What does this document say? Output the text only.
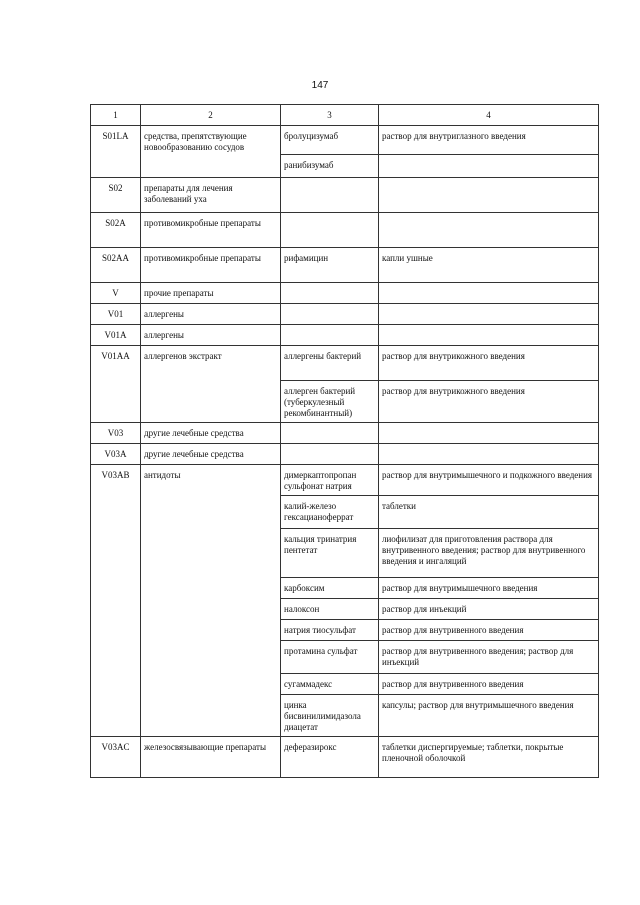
147
1	2	3	4
S01LA	средства, препятствующие новообразованию сосудов	бролуцизумаб	раствор для внутриглазного введения
		ранибизумаб	
S02	препараты для лечения заболеваний уха		
S02A	противомикробные препараты		
S02AA	противомикробные препараты	рифамицин	капли ушные
V	прочие препараты		
V01	аллергены		
V01A	аллергены		
V01AA	аллергенов экстракт	аллергены бактерий	раствор для внутрикожного введения
		аллерген бактерий (туберкулезный рекомбинантный)	раствор для внутрикожного введения
V03	другие лечебные средства		
V03A	другие лечебные средства		
V03AB	антидоты	димеркаптопропан сульфонат натрия	раствор для внутримышечного и подкожного введения
		калий-железо гексацианоферрат	таблетки
		кальция тринатрия пентетат	лиофилизат для приготовления раствора для внутривенного введения; раствор для внутривенного введения и ингаляций
		карбоксим	раствор для внутримышечного введения
		налоксон	раствор для инъекций
		натрия тиосульфат	раствор для внутривенного введения
		протамина сульфат	раствор для внутривенного введения; раствор для инъекций
		сугаммадекс	раствор для внутривенного введения
		цинка бисвинилимидазола диацетат	капсулы; раствор для внутримышечного введения
V03AC	железосвязывающие препараты	деферазирокс	таблетки диспергируемые; таблетки, покрытые пленочной оболочкой
